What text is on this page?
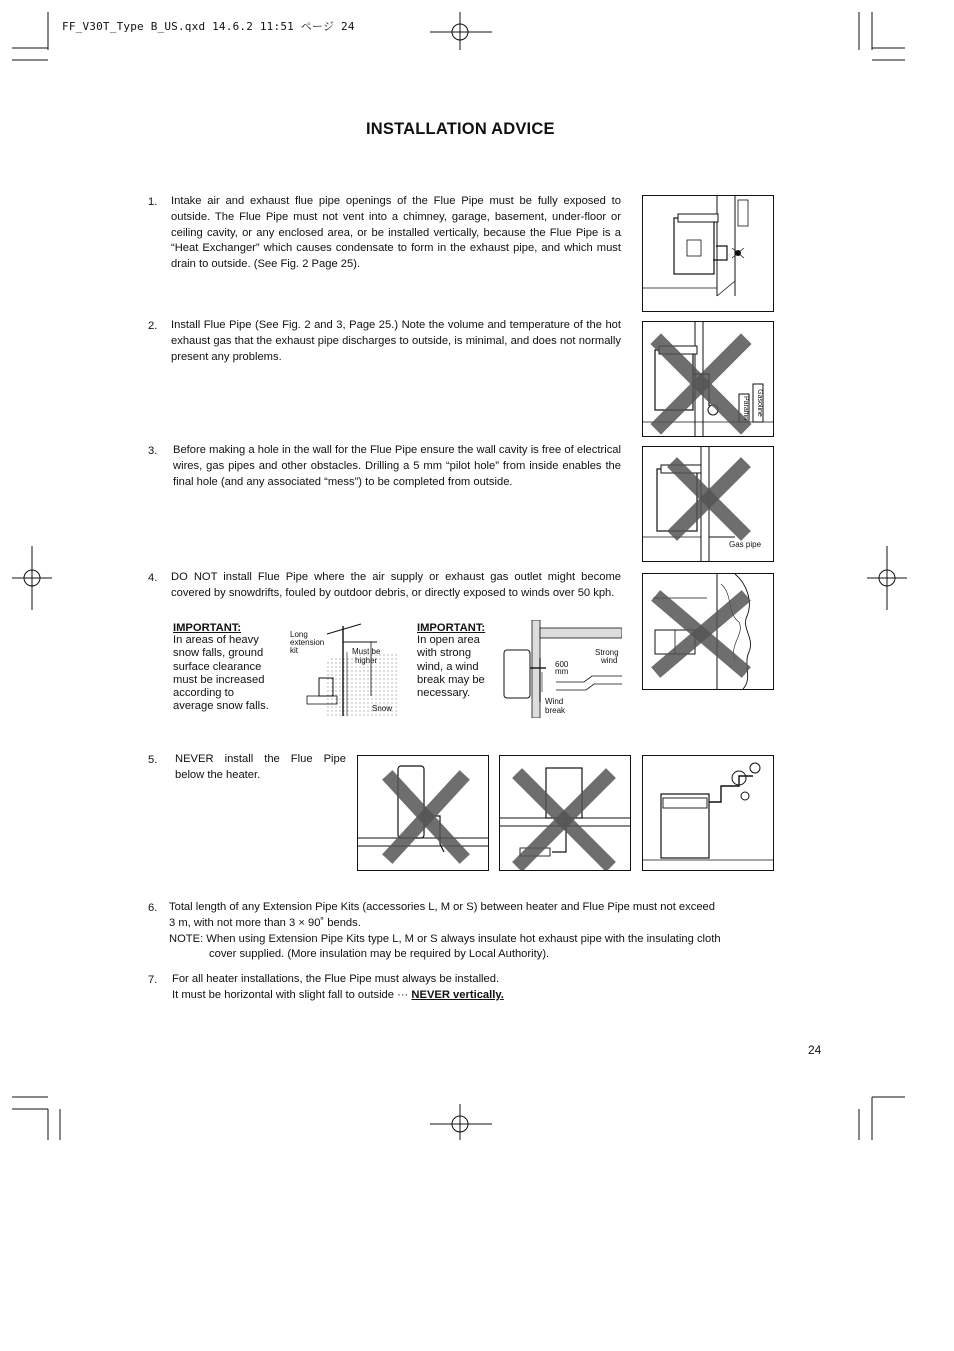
FF_V30T_Type B_US.qxd 14.6.2 11:51 ページ 24
INSTALLATION ADVICE
1. Intake air and exhaust flue pipe openings of the Flue Pipe must be fully exposed to outside. The Flue Pipe must not vent into a chimney, garage, basement, under-floor or ceiling cavity, or any enclosed area, or be installed vertically, because the Flue Pipe is a “Heat Exchanger” which causes condensate to form in the exhaust pipe, and which must drain to outside. (See Fig. 2 Page 25).
2. Install Flue Pipe (See Fig. 2 and 3, Page 25.) Note the volume and temperature of the hot exhaust gas that the exhaust pipe discharges to outside, is minimal, and does not normally present any problems.
3. Before making a hole in the wall for the Flue Pipe ensure the wall cavity is free of electrical wires, gas pipes and other obstacles. Drilling a 5 mm “pilot hole” from inside enables the final hole (and any associated “mess”) to be completed from outside.
4. DO NOT install Flue Pipe where the air supply or exhaust gas outlet might become covered by snowdrifts, fouled by outdoor debris, or directly exposed to winds over 50 kph.
IMPORTANT:
In areas of heavy
snow falls, ground
surface clearance
must be increased
according to
average snow falls.
Long
extension
kit	Must be
higher
Snow
IMPORTANT:
In open area
with strong
wind, a wind
break may be
necessary.
600
mm
Strong
wind
Wind
break
Paraffin Gasoline
Gas pipe
5. NEVER install the Flue Pipe below the heater.
6. Total length of any Extension Pipe Kits (accessories L, M or S) between heater and Flue Pipe must not exceed
3 m, with not more than 3 × 90˚ bends.
NOTE: When using Extension Pipe Kits type L, M or S always insulate hot exhaust pipe with the insulating cloth
cover supplied. (More insulation may be required by Local Authority).
7. For all heater installations, the Flue Pipe must always be installed.
It must be horizontal with slight fall to outside ··· NEVER vertically.
24
